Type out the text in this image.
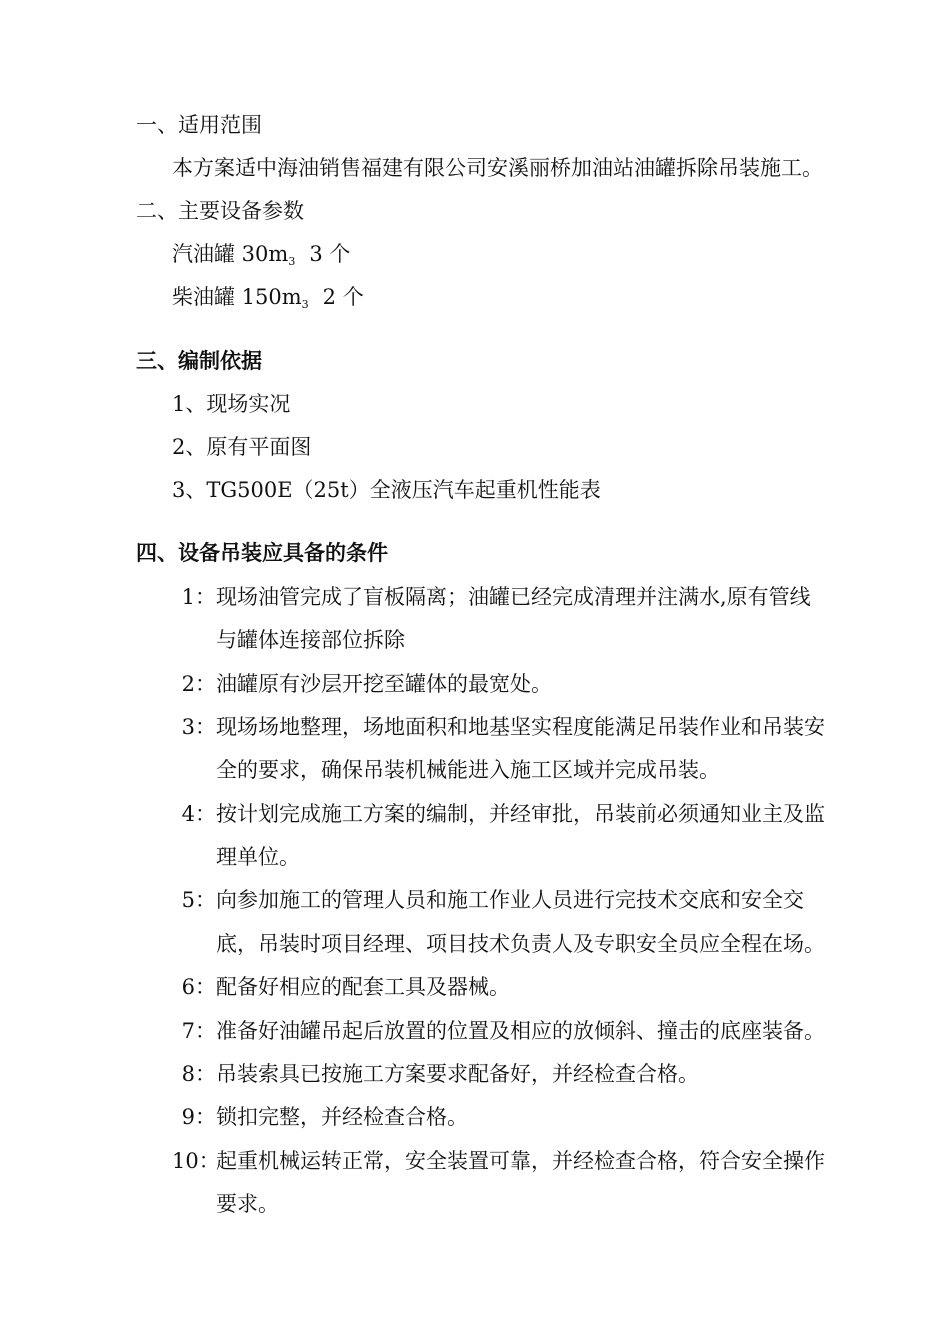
一、适用范围
本方案适中海油销售福建有限公司安溪丽桥加油站油罐拆除吊装施工。
二、主要设备参数
汽油罐 $30m_3$ 3 个
柴油罐 $150m_3$ 2 个
三、编制依据
1、现场实况
2、原有平面图
3、TG500E（25t）全液压汽车起重机性能表
四、设备吊装应具备的条件
1： 现场油管完成了盲板隔离；油罐已经完成清理并注满水,原有管线
与罐体连接部位拆除
2： 油罐原有沙层开挖至罐体的最宽处。
3： 现场场地整理，场地面积和地基坚实程度能满足吊装作业和吊装安
全的要求，确保吊装机械能进入施工区域并完成吊装。
4： 按计划完成施工方案的编制，并经审批，吊装前必须通知业主及监
理单位。
5： 向参加施工的管理人员和施工作业人员进行完技术交底和安全交
底，吊装时项目经理、项目技术负责人及专职安全员应全程在场。
6： 配备好相应的配套工具及器械。
7： 准备好油罐吊起后放置的位置及相应的放倾斜、撞击的底座装备。
8： 吊装索具已按施工方案要求配备好，并经检查合格。
9： 锁扣完整，并经检查合格。
10：
起重机械运转正常，安全装置可靠，并经检查合格，符合安全操作
要求。
